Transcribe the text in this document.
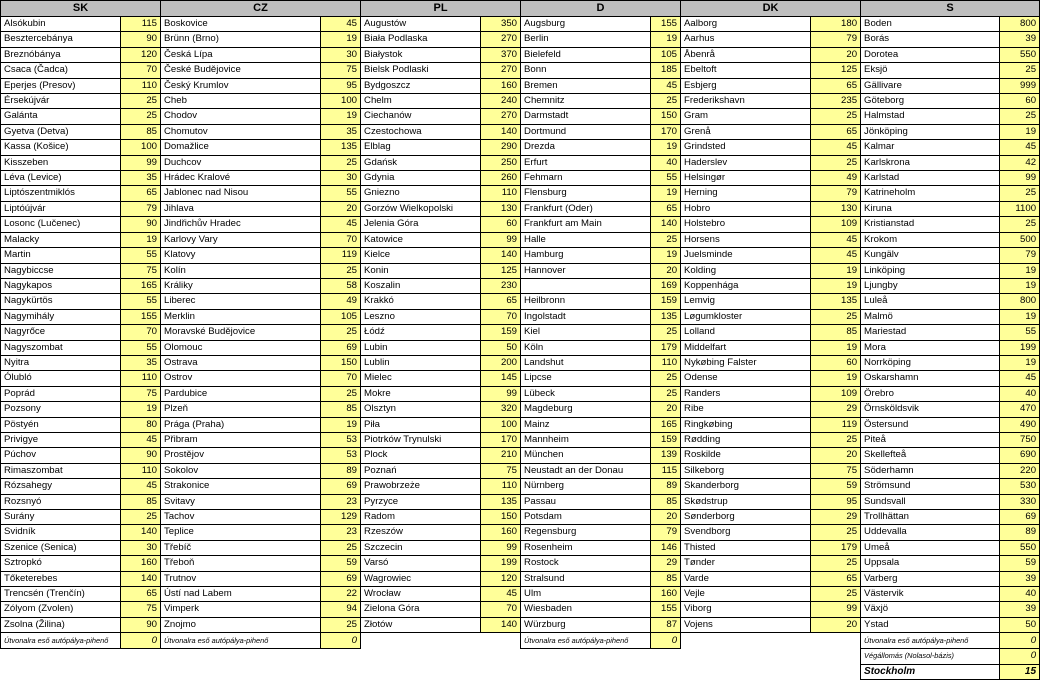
SK		CZ		PL		D		DK		S	
Alsókubin	115	Boskovice	45	Augustów	350	Augsburg	155	Aalborg	180	Boden	800
Besztercebánya	90	Brünn (Brno)	19	Biała Podlaska	270	Berlin	19	Aarhus	79	Borás	39
Breznóbánya	120	Česká Lípa	30	Białystok	370	Bielefeld	105	Åbenrå	20	Dorotea	550
Csaca (Čadca)	70	České Budějovice	75	Bielsk Podlaski	270	Bonn	185	Ebeltoft	125	Eksjö	25
Eperjes (Presov)	110	Český Krumlov	95	Bydgoszcz	160	Bremen	45	Esbjerg	65	Gällivare	999
Érsekújvár	25	Cheb	100	Chelm	240	Chemnitz	25	Frederikshavn	235	Göteborg	60
Galánta	25	Chodov	19	Ciechanów	270	Darmstadt	150	Gram	25	Halmstad	25
Gyetva (Detva)	85	Chomutov	35	Czestochowa	140	Dortmund	170	Grenå	65	Jönköping	19
Kassa (Košice)	100	Domažlice	135	Elblag	290	Drezda	19	Grindsted	45	Kalmar	45
Kisszeben	99	Duchcov	25	Gdańsk	250	Erfurt	40	Haderslev	25	Karlskrona	42
Léva (Levice)	35	Hrádec Kralové	30	Gdynia	260	Fehmarn	55	Helsingør	49	Karlstad	99
Liptószentmiklós	65	Jablonec nad Nisou	55	Gniezno	110	Flensburg	19	Herning	79	Katrineholm	25
Liptóújvár	79	Jihlava	20	Gorzów Wielkopolski	130	Frankfurt (Oder)	65	Hobro	130	Kiruna	1100
Losonc (Lučenec)	90	Jindřichův Hradec	45	Jelenia Góra	60	Frankfurt am Main	140	Holstebro	109	Kristianstad	25
Malacky	19	Karlovy Vary	70	Katowice	99	Halle	25	Horsens	45	Krokom	500
Martin	55	Klatovy	119	Kielce	140	Hamburg	19	Juelsminde	45	Kungälv	79
Nagybiccse	75	Kolín	25	Konin	125	Hannover	20	Kolding	19	Linköping	19
Nagykapos	165	Králiky	58	Koszalin	230		169	Koppenhága	19	Ljungby	19
Nagykürtös	55	Liberec	49	Krakkó	65	Heilbronn	159	Lemvig	135	Luleå	800
Nagymihály	155	Merklin	105	Leszno	70	Ingolstadt	135	Løgumkloster	25	Malmö	19
Nagyrőce	70	Moravské Budějovice	25	Łódź	159	Kiel	25	Lolland	85	Mariestad	55
Nagyszombat	55	Olomouc	69	Lubin	50	Köln	179	Middelfart	19	Mora	199
Nyitra	35	Ostrava	150	Lublin	200	Landshut	110	Nykøbing Falster	60	Norrköping	19
Ólubló	110	Ostrov	70	Mielec	145	Lipcse	25	Odense	19	Oskarshamn	45
Poprád	75	Pardubice	25	Mokre	99	Lübeck	25	Randers	109	Örebro	40
Pozsony	19	Plzeň	85	Olsztyn	320	Magdeburg	20	Ribe	29	Örnsköldsvik	470
Pöstyén	80	Prága (Praha)	19	Piła	100	Mainz	165	Ringkøbing	119	Östersund	490
Privigye	45	Přibram	53	Piotrków Trynulski	170	Mannheim	159	Rødding	25	Piteå	750
Púchov	90	Prostějov	53	Plock	210	München	139	Roskilde	20	Skellefteå	690
Rimaszombat	110	Sokolov	89	Poznań	75	Neustadt an der Donau	115	Silkeborg	75	Söderhamn	220
Rózsahegy	45	Strakonice	69	Prawobrzeże	110	Nürnberg	89	Skanderborg	59	Strömsund	530
Rozsnyó	85	Svitavy	23	Pyrzyce	135	Passau	85	Skødstrup	95	Sundsvall	330
Surány	25	Tachov	129	Radom	150	Potsdam	20	Sønderborg	29	Trollhättan	69
Svidník	140	Teplice	23	Rzeszów	160	Regensburg	79	Svendborg	25	Uddevalla	89
Szenice (Senica)	30	Třebíč	25	Szczecin	99	Rosenheim	146	Thisted	179	Umeå	550
Sztropkó	160	Třeboň	59	Varsó	199	Rostock	29	Tønder	25	Uppsala	59
Tőketerebes	140	Trutnov	69	Wagrowiec	120	Stralsund	85	Varde	65	Varberg	39
Trencsén (Trenčín)	65	Ústí nad Labem	22	Wrocław	45	Ulm	160	Vejle	25	Västervik	40
Zólyom (Zvolen)	75	Vimperk	94	Zielona Góra	70	Wiesbaden	155	Viborg	99	Växjö	39
Zsolna (Žilina)	90	Znojmo	25	Złotów	140	Würzburg	87	Vojens	20	Ystad	50
Útvonalra eső autópálya-pihenő	0	Útvonalra eső autópálya-pihenő	0			Útvonalra eső autópálya-pihenő	0			Útvonalra eső autópálya-pihenő	0
										Végállomás (Nolasol-bázis)	0
										Stockholm	15
